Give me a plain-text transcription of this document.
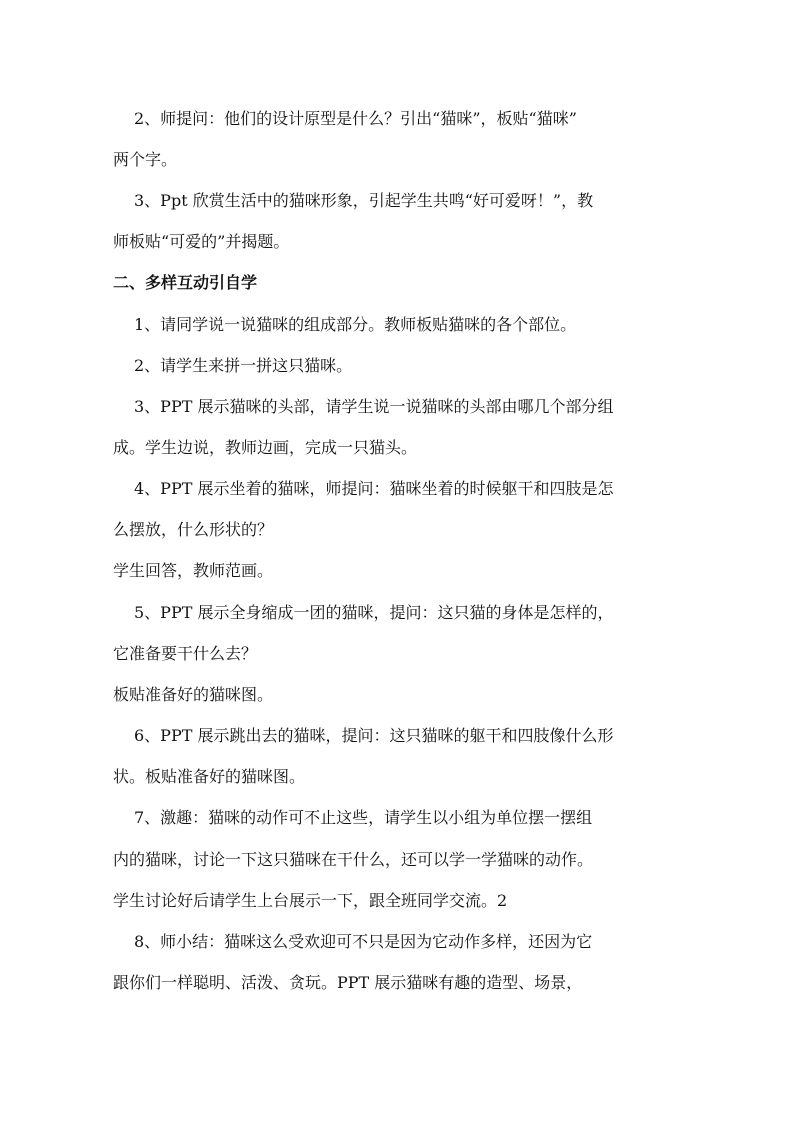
2、师提问：他们的设计原型是什么？引出“猫咪”，板贴“猫咪”
两个字。
3、Ppt 欣赏生活中的猫咪形象，引起学生共鸣“好可爱呀！”，教
师板贴“可爱的”并揭题。
二、多样互动引自学
1、请同学说一说猫咪的组成部分。教师板贴猫咪的各个部位。
2、请学生来拼一拼这只猫咪。
3、PPT 展示猫咪的头部，请学生说一说猫咪的头部由哪几个部分组
成。学生边说，教师边画，完成一只猫头。
4、PPT 展示坐着的猫咪，师提问：猫咪坐着的时候躯干和四肢是怎
么摆放，什么形状的？
学生回答，教师范画。
5、PPT 展示全身缩成一团的猫咪，提问：这只猫的身体是怎样的，
它准备要干什么去？
板贴准备好的猫咪图。
6、PPT 展示跳出去的猫咪，提问：这只猫咪的躯干和四肢像什么形
状。板贴准备好的猫咪图。
7、激趣：猫咪的动作可不止这些，请学生以小组为单位摆一摆组
内的猫咪，讨论一下这只猫咪在干什么，还可以学一学猫咪的动作。
学生讨论好后请学生上台展示一下，跟全班同学交流。2
8、师小结：猫咪这么受欢迎可不只是因为它动作多样，还因为它
跟你们一样聪明、活泼、贪玩。PPT 展示猫咪有趣的造型、场景，
